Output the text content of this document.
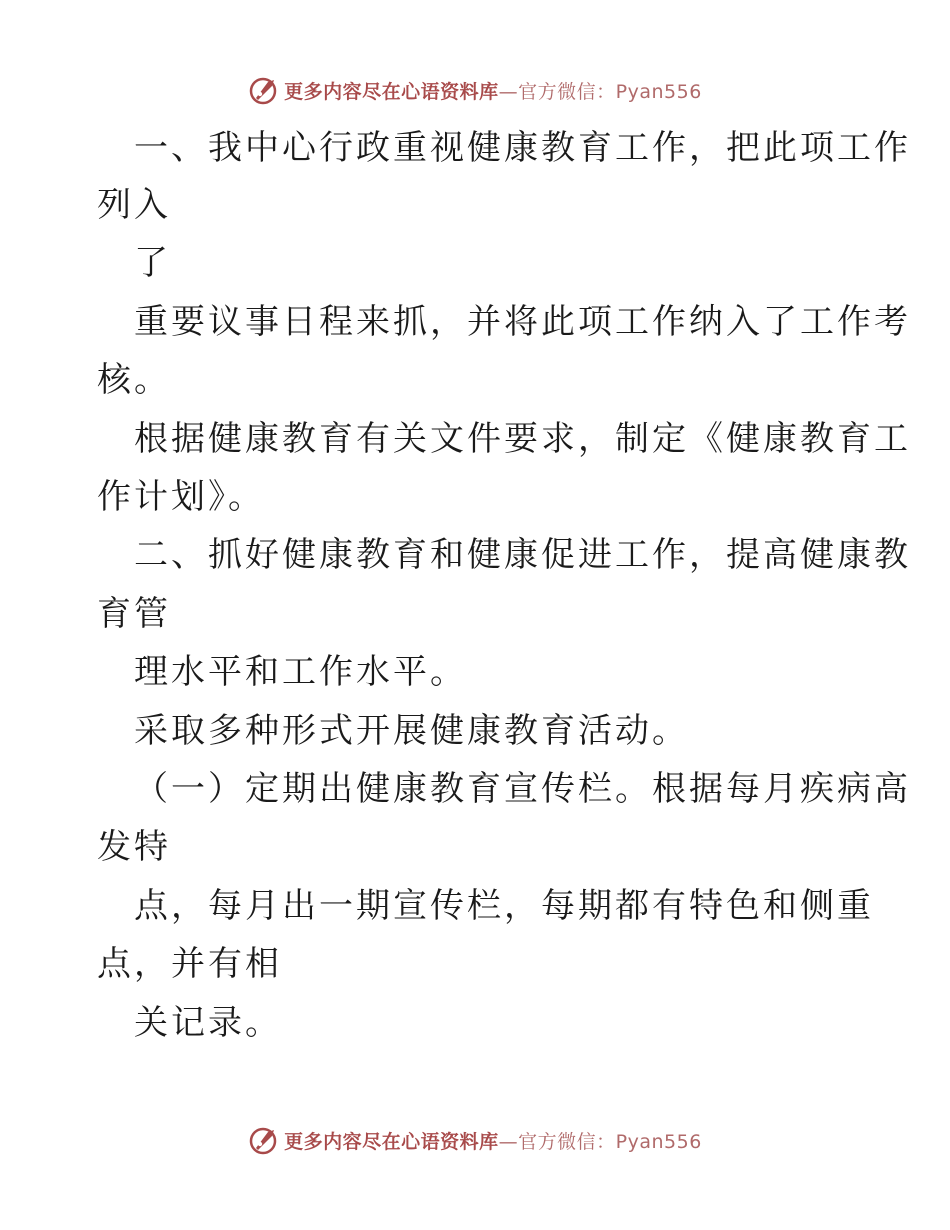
更多内容尽在心语资料库—官方微信：Pyan556
一、我中心行政重视健康教育工作，把此项工作
列入
了
重要议事日程来抓，并将此项工作纳入了工作考
核。
根据健康教育有关文件要求，制定《健康教育工
作计划》。
二、抓好健康教育和健康促进工作，提高健康教
育管
理水平和工作水平。
采取多种形式开展健康教育活动。
（一）定期出健康教育宣传栏。根据每月疾病高
发特
点，每月出一期宣传栏，每期都有特色和侧重
点，并有相
关记录。
更多内容尽在心语资料库—官方微信：Pyan556
